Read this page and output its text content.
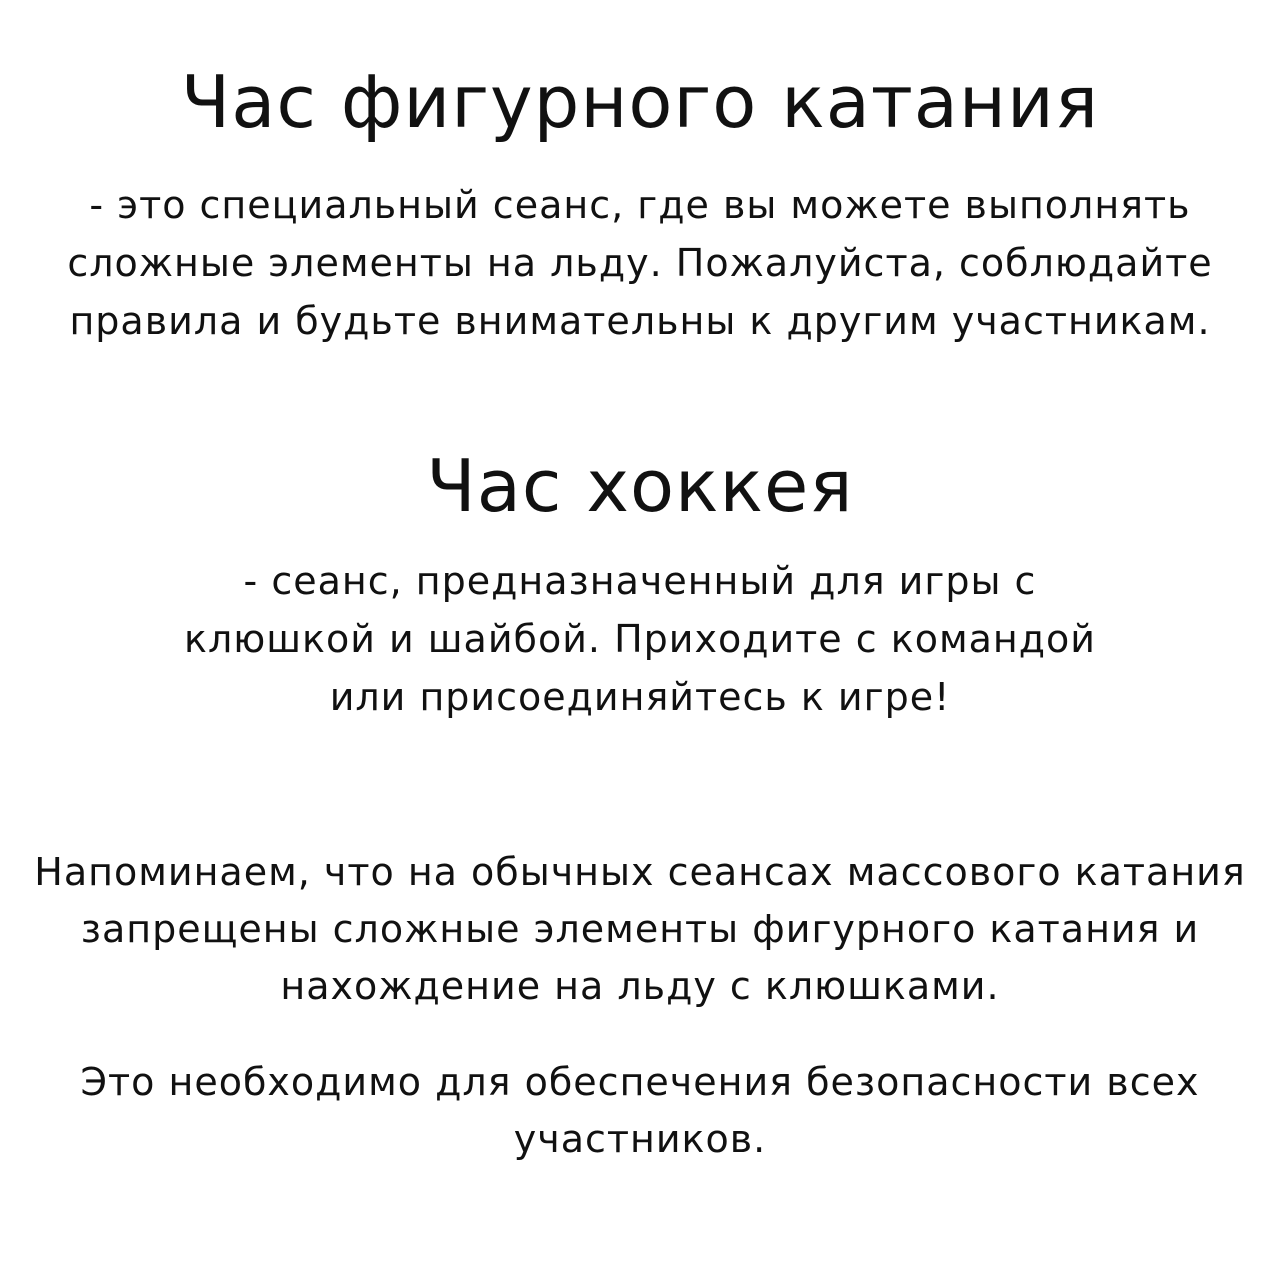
Час фигурного катания

- это специальный сеанс, где вы можете выполнять
сложные элементы на льду. Пожалуйста, соблюдайте
правила и будьте внимательны к другим участникам.

Час хоккея

- сеанс, предназначенный для игры с
клюшкой и шайбой. Приходите с командой
или присоединяйтесь к игре!

Напоминаем, что на обычных сеансах массового катания
запрещены сложные элементы фигурного катания и
нахождение на льду с клюшками.

Это необходимо для обеспечения безопасности всех
участников.
